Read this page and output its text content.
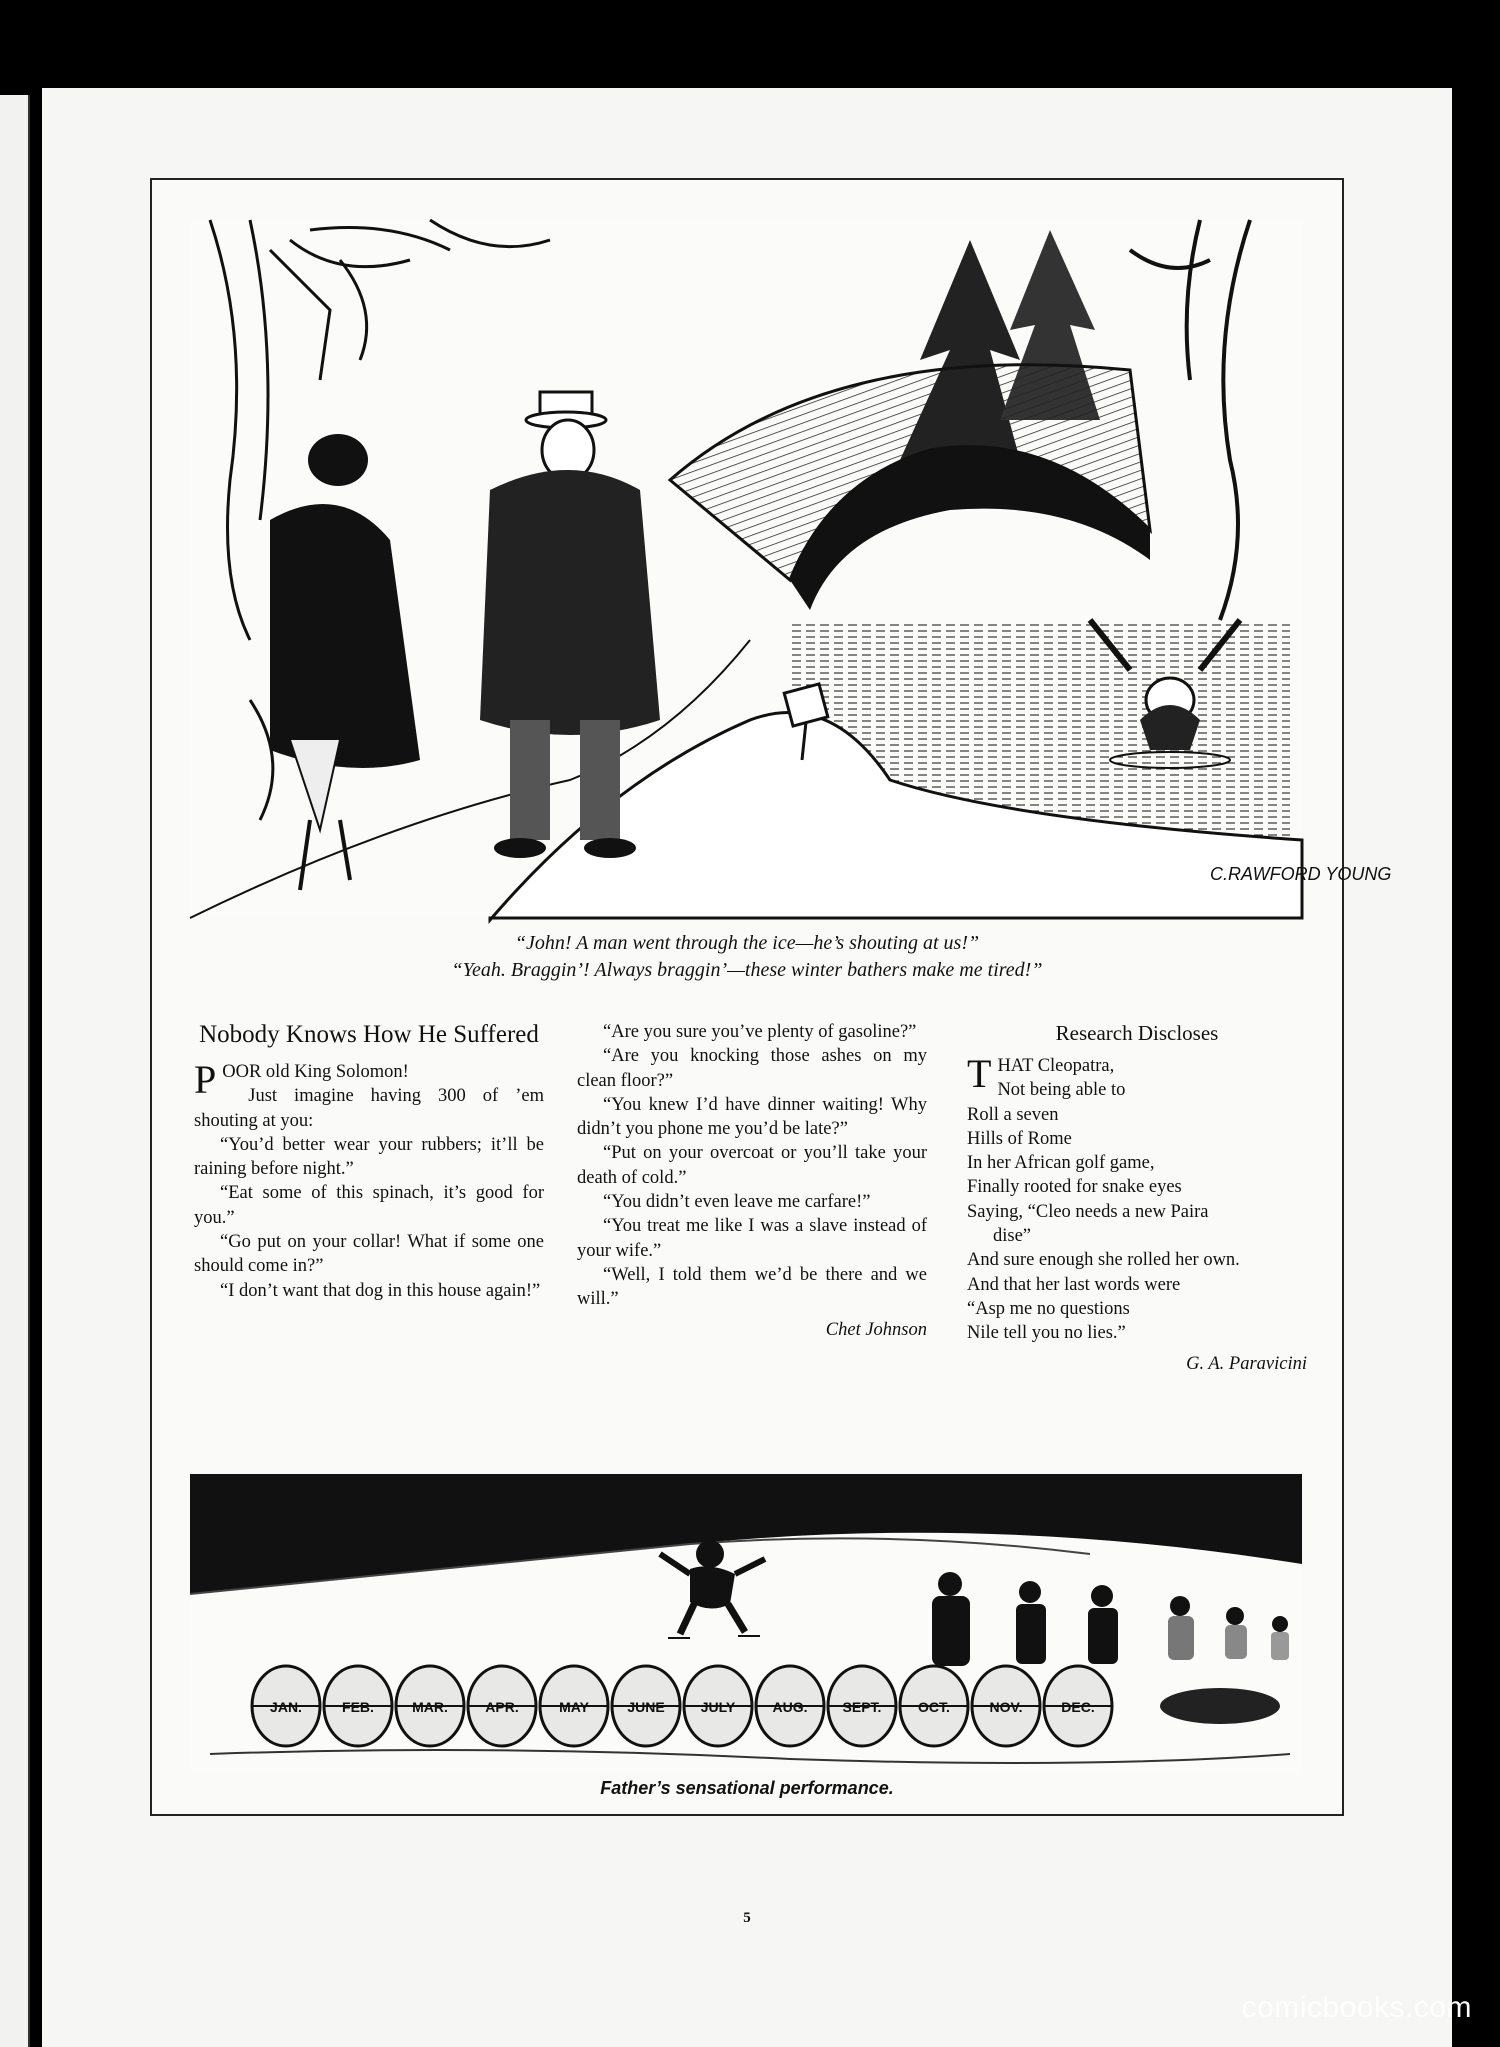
C.RAWFORD YOUNG
“John! A man went through the ice—he’s shouting at us!”
“Yeah. Braggin’! Always braggin’—these winter bathers make me tired!”
Nobody Knows How He Suffered

POOR old King Solomon!

Just imagine having 300 of ’em shouting at you:

“You’d better wear your rubbers; it’ll be raining before night.”

“Eat some of this spinach, it’s good for you.”

“Go put on your collar! What if some one should come in?”

“I don’t want that dog in this house again!”

“Are you sure you’ve plenty of gasoline?”

“Are you knocking those ashes on my clean floor?”

“You knew I’d have dinner waiting! Why didn’t you phone me you’d be late?”

“Put on your overcoat or you’ll take your death of cold.”

“You didn’t even leave me carfare!”

“You treat me like I was a slave instead of your wife.”

“Well, I told them we’d be there and we will.”

Chet Johnson

Research Discloses

THAT Cleopatra,

Not being able to

Roll a seven

Hills of Rome

In her African golf game,

Finally rooted for snake eyes

Saying, “Cleo needs a new Paira

dise”

And sure enough she rolled her own.

And that her last words were

“Asp me no questions

Nile tell you no lies.”

G. A. Paravicini

JAN.	FEB.	MAR.	APR.	MAY	JUNE	JULY	AUG.	SEPT.	OCT.	NOV.	DEC.
Father’s sensational performance.
5
comicbooks.com
